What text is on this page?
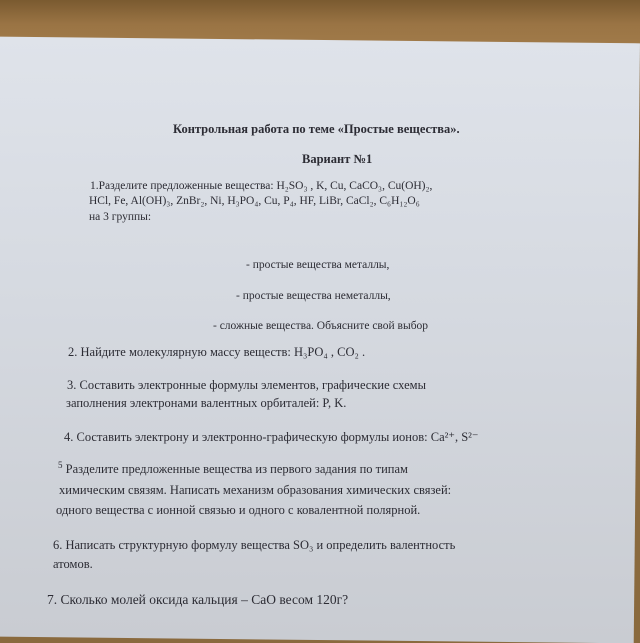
Контрольная работа по теме «Простые вещества».
Вариант №1
1.Разделите предложенные вещества: H₂SO₃ , K, Cu, CaCO₃, Cu(OH)₂,
HCl, Fe, Al(OH)₃, ZnBr₂, Ni, H₃PO₄, Cu, P₄, HF, LiBr, CaCl₂, C₆H₁₂O₆
на 3 группы:
- простые вещества металлы,
- простые вещества неметаллы,
- сложные вещества. Объясните свой выбор
2. Найдите молекулярную массу веществ: H₃PO₄ , CO₂ .
3. Составить электронные формулы элементов, графические схемы
заполнения электронами валентных орбиталей: P, K.
4. Составить электрону и электронно-графическую формулы ионов: Ca²⁺, S²⁻
$^5$ Разделите предложенные вещества из первого задания по типам
химическим связям. Написать механизм образования химических связей:
одного вещества с ионной связью и одного с ковалентной полярной.
6. Написать структурную формулу вещества SO₃ и определить валентность
атомов.
7. Сколько молей оксида кальция – CaO весом 120г?
